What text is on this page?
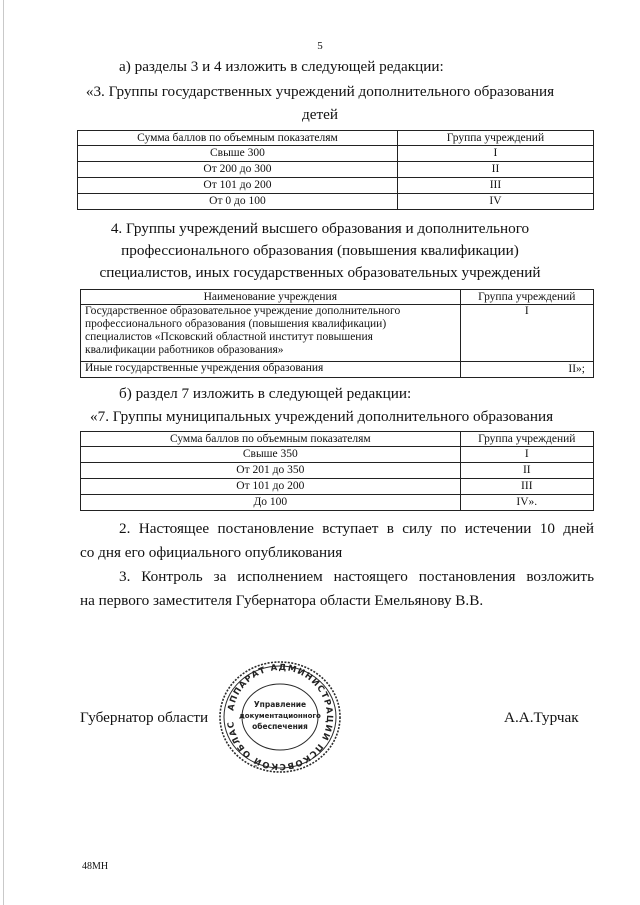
5
а) разделы 3 и 4 изложить в следующей редакции:
«3. Группы государственных учреждений дополнительного образования
детей
Сумма баллов по объемным показателям	Группа учреждений
Свыше 300	I
От 200 до 300	II
От 101 до 200	III
От 0 до 100	IV
4. Группы учреждений высшего образования и дополнительного
профессионального образования (повышения квалификации)
специалистов, иных государственных образовательных учреждений
Наименование учреждения	Группа учреждений

Государственное образовательное учреждение дополнительного
профессионального образования (повышения квалификации)
специалистов «Псковский областной институт повышения
квалификации работников образования»	I
Иные государственные учреждения образования	II»;
б) раздел 7 изложить в следующей редакции:
«7. Группы муниципальных учреждений дополнительного образования
Сумма баллов по объемным показателям	Группа учреждений
Свыше 350	I
От 201 до 350	II
От 101 до 200	III
До 100	IV».
2. Настоящее постановление вступает в силу по истечении 10 дней
со дня его официального опубликования
3. Контроль за исполнением настоящего постановления возложить
на первого заместителя Губернатора области Емельянову В.В.
Губернатор области
АППАРАТ АДМИНИСТРАЦИИ ПСКОВСКОЙ ОБЛАС
Управление
документационного
обеспечения
А.А.Турчак
48МН
